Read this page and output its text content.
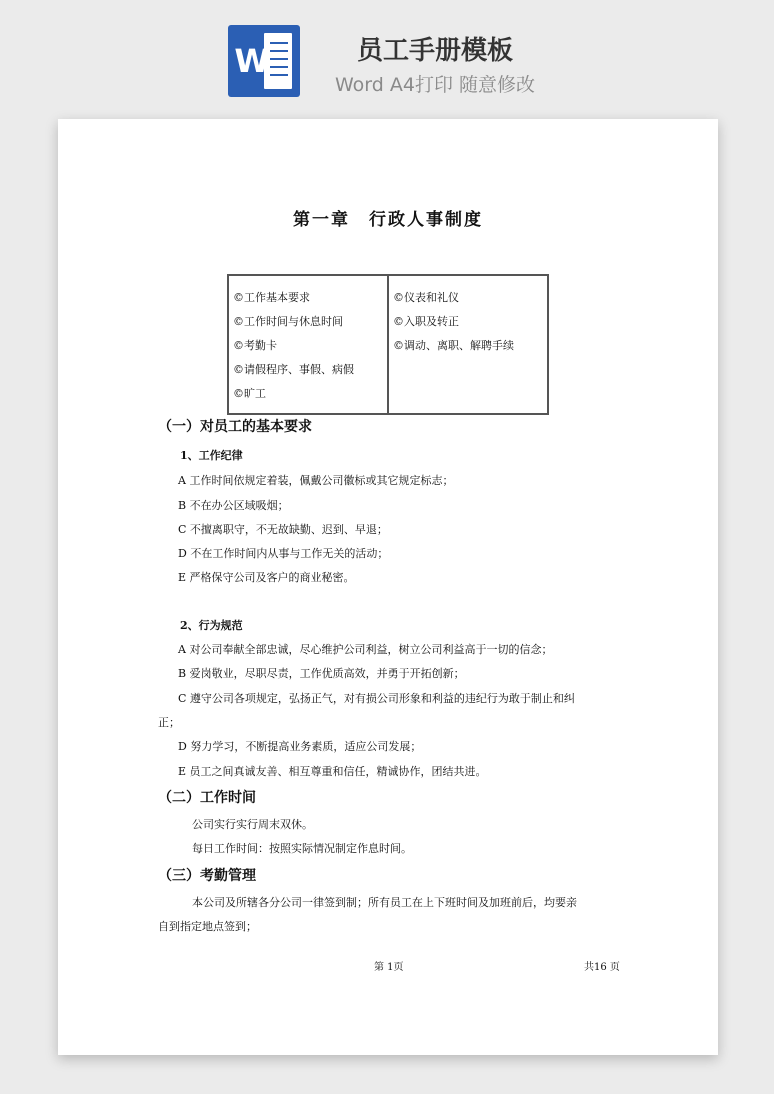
W	员工手册模板
Word A4打印 随意修改
第一章　行政人事制度
©工作基本要求
©工作时间与休息时间
©考勤卡
©请假程序、事假、病假
©旷工
©仪表和礼仪
©入职及转正
©调动、离职、解聘手续
（一）对员工的基本要求
1、工作纪律
A 工作时间依规定着装，佩戴公司徽标或其它规定标志；
B 不在办公区域吸烟；
C 不擅离职守，不无故缺勤、迟到、早退；
D 不在工作时间内从事与工作无关的活动；
E 严格保守公司及客户的商业秘密。
2、行为规范
A 对公司奉献全部忠诚，尽心维护公司利益，树立公司利益高于一切的信念；
B 爱岗敬业，尽职尽责，工作优质高效，并勇于开拓创新；
C 遵守公司各项规定，弘扬正气，对有损公司形象和利益的违纪行为敢于制止和纠
正；
D 努力学习，不断提高业务素质，适应公司发展；
E 员工之间真诚友善、相互尊重和信任，精诚协作，团结共进。
（二）工作时间
公司实行实行周末双休。
每日工作时间：按照实际情况制定作息时间。
（三）考勤管理
本公司及所辖各分公司一律签到制；所有员工在上下班时间及加班前后，均要亲
自到指定地点签到；
第 1页	共16 页
